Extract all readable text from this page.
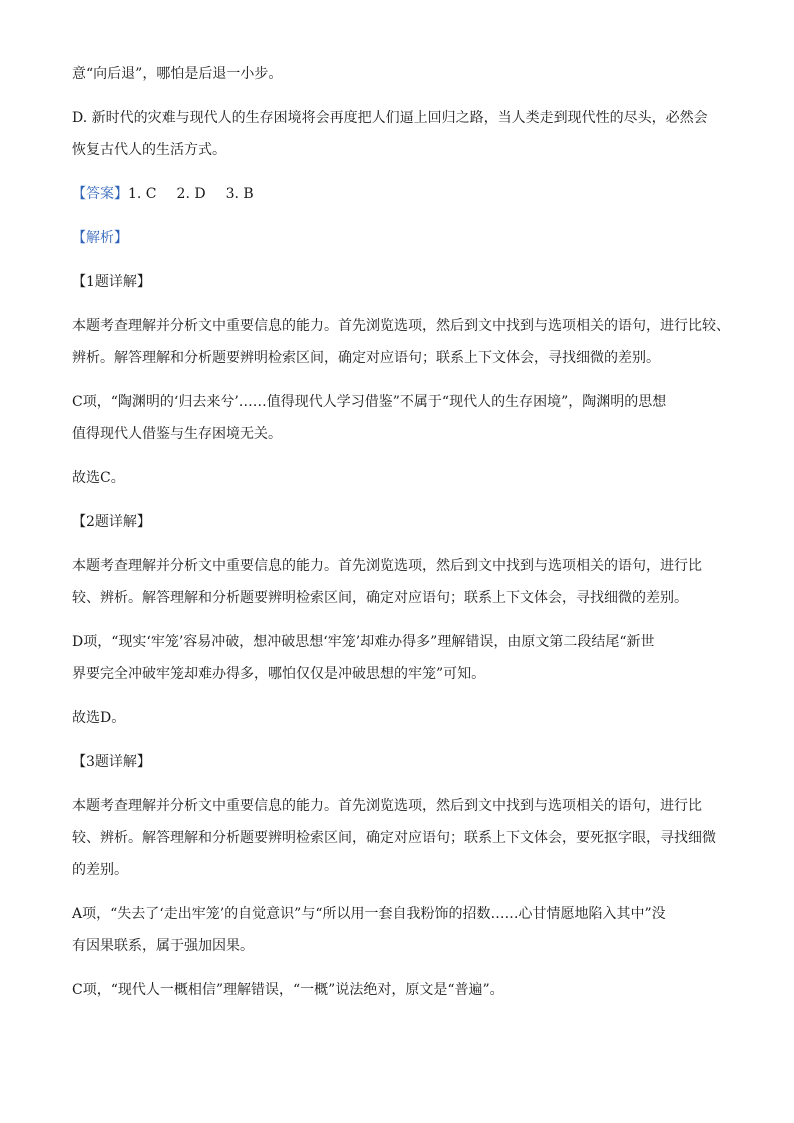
意“向后退”，哪怕是后退一小步。

D. 新时代的灾难与现代人的生存困境将会再度把人们逼上回归之路，当人类走到现代性的尽头，必然会

恢复古代人的生活方式。

【答案】1. C 2. D 3. B

【解析】

【1题详解】

本题考查理解并分析文中重要信息的能力。首先浏览选项，然后到文中找到与选项相关的语句，进行比较、

辨析。解答理解和分析题要辨明检索区间，确定对应语句；联系上下文体会，寻找细微的差别。

C项，“陶渊明的‘归去来兮’……值得现代人学习借鉴”不属于“现代人的生存困境”，陶渊明的思想

值得现代人借鉴与生存困境无关。

故选C。

【2题详解】

本题考查理解并分析文中重要信息的能力。首先浏览选项，然后到文中找到与选项相关的语句，进行比

较、辨析。解答理解和分析题要辨明检索区间，确定对应语句；联系上下文体会，寻找细微的差别。

D项，“现实‘牢笼’容易冲破，想冲破思想‘牢笼’却难办得多”理解错误，由原文第二段结尾“新世

界要完全冲破牢笼却难办得多，哪怕仅仅是冲破思想的牢笼”可知。

故选D。

【3题详解】

本题考查理解并分析文中重要信息的能力。首先浏览选项，然后到文中找到与选项相关的语句，进行比

较、辨析。解答理解和分析题要辨明检索区间，确定对应语句；联系上下文体会，要死抠字眼，寻找细微

的差别。

A项，“失去了‘走出牢笼’的自觉意识”与“所以用一套自我粉饰的招数……心甘情愿地陷入其中”没

有因果联系，属于强加因果。

C项，“现代人一概相信”理解错误，“一概”说法绝对，原文是“普遍”。
